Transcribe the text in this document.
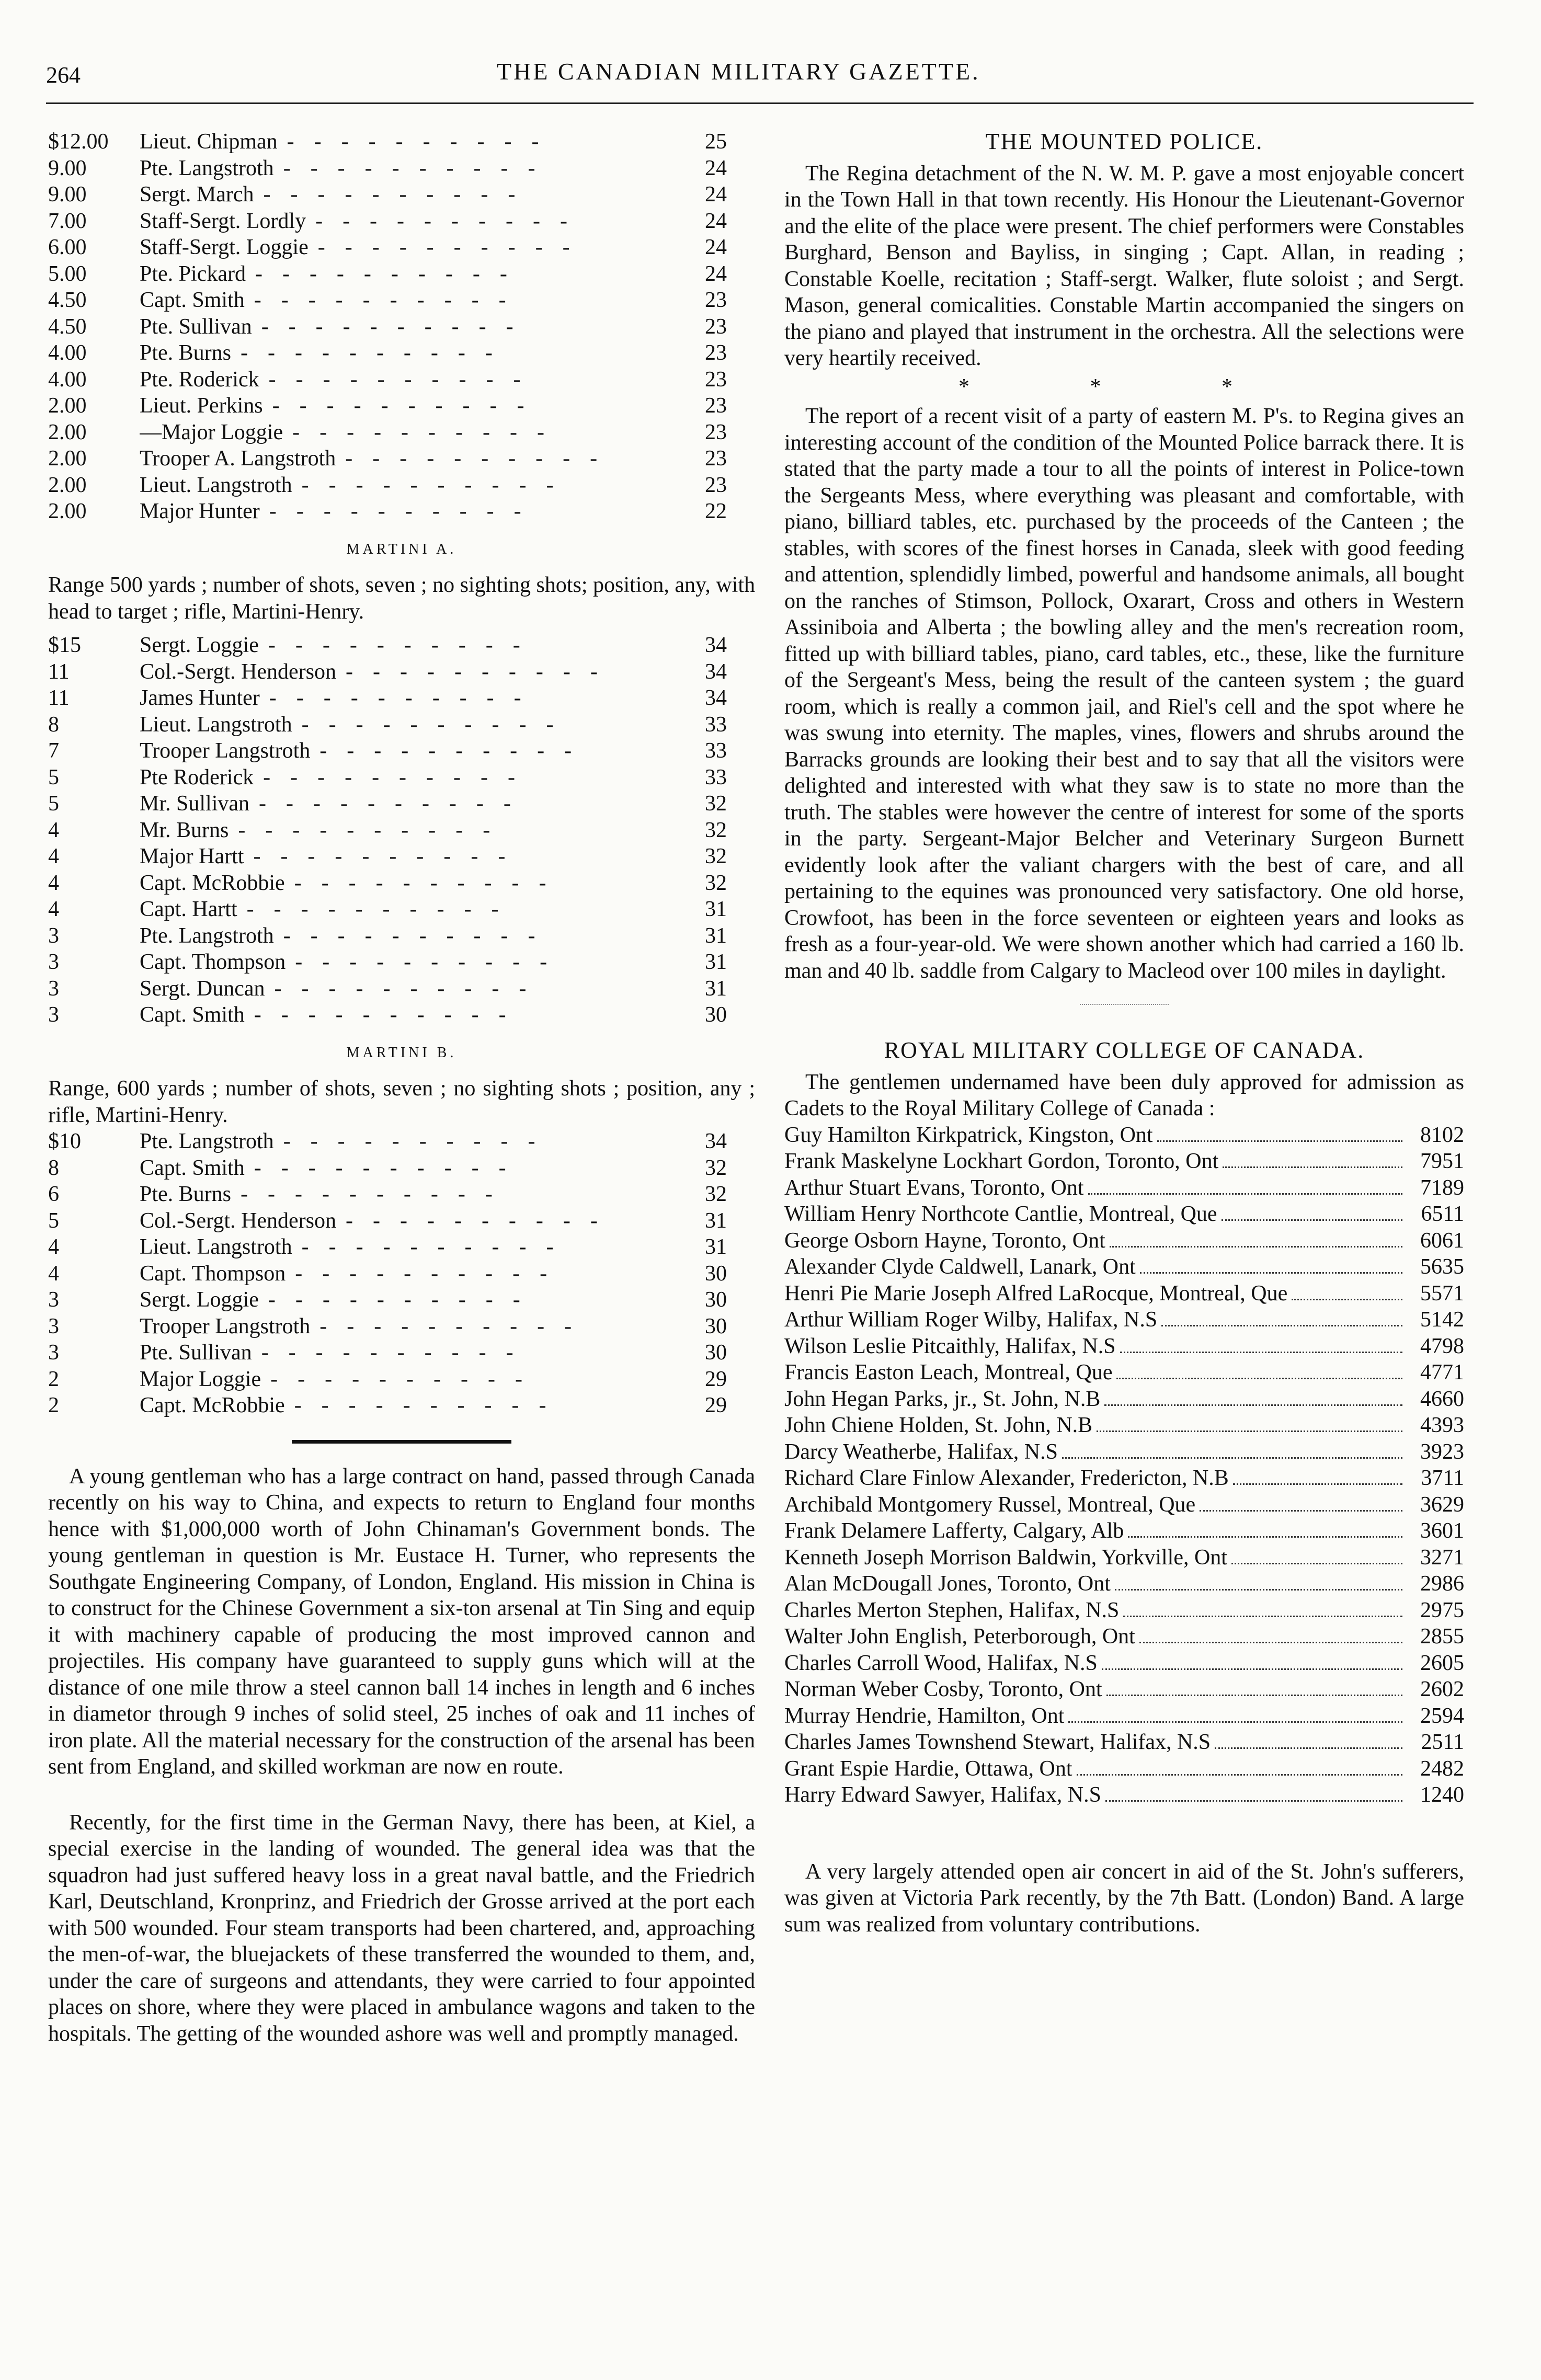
264	THE CANADIAN MILITARY GAZETTE.
$12.00	Lieut. Chipman ----------	25
9.00	Pte. Langstroth ----------	24
9.00	Sergt. March ----------	24
7.00	Staff-Sergt. Lordly ----------	24
6.00	Staff-Sergt. Loggie ----------	24
5.00	Pte. Pickard ----------	24
4.50	Capt. Smith ----------	23
4.50	Pte. Sullivan ----------	23
4.00	Pte. Burns ----------	23
4.00	Pte. Roderick ----------	23
2.00	Lieut. Perkins ----------	23
2.00	—Major Loggie ----------	23
2.00	Trooper A. Langstroth ----------	23
2.00	Lieut. Langstroth ----------	23
2.00	Major Hunter ----------	22
MARTINI A.
Range 500 yards ; number of shots, seven ; no sighting shots; position, any, with head to target ; rifle, Martini-Henry.
$15	Sergt. Loggie ----------	34
11	Col.-Sergt. Henderson ----------	34
11	James Hunter ----------	34
8	Lieut. Langstroth ----------	33
7	Trooper Langstroth ----------	33
5	Pte Roderick ----------	33
5	Mr. Sullivan ----------	32
4	Mr. Burns ----------	32
4	Major Hartt ----------	32
4	Capt. McRobbie ----------	32
4	Capt. Hartt ----------	31
3	Pte. Langstroth ----------	31
3	Capt. Thompson ----------	31
3	Sergt. Duncan ----------	31
3	Capt. Smith ----------	30
MARTINI B.
Range, 600 yards ; number of shots, seven ; no sighting shots ; position, any ; rifle, Martini-Henry.
$10	Pte. Langstroth ----------	34
8	Capt. Smith ----------	32
6	Pte. Burns ----------	32
5	Col.-Sergt. Henderson ----------	31
4	Lieut. Langstroth ----------	31
4	Capt. Thompson ----------	30
3	Sergt. Loggie ----------	30
3	Trooper Langstroth ----------	30
3	Pte. Sullivan ----------	30
2	Major Loggie ----------	29
2	Capt. McRobbie ----------	29
A young gentleman who has a large contract on hand, passed through Canada recently on his way to China, and expects to return to England four months hence with $1,000,000 worth of John Chinaman's Government bonds. The young gentleman in question is Mr. Eustace H. Turner, who represents the Southgate Engineering Company, of London, England. His mission in China is to construct for the Chinese Government a six-ton arsenal at Tin Sing and equip it with machinery capable of producing the most improved cannon and projectiles. His company have guaranteed to supply guns which will at the distance of one mile throw a steel cannon ball 14 inches in length and 6 inches in diametor through 9 inches of solid steel, 25 inches of oak and 11 inches of iron plate. All the material necessary for the construction of the arsenal has been sent from England, and skilled workman are now en route.
Recently, for the first time in the German Navy, there has been, at Kiel, a special exercise in the landing of wounded. The general idea was that the squadron had just suffered heavy loss in a great naval battle, and the Friedrich Karl, Deutschland, Kronprinz, and Friedrich der Grosse arrived at the port each with 500 wounded. Four steam transports had been chartered, and, approaching the men-of-war, the bluejackets of these transferred the wounded to them, and, under the care of surgeons and attendants, they were carried to four appointed places on shore, where they were placed in ambulance wagons and taken to the hospitals. The getting of the wounded ashore was well and promptly managed.
THE MOUNTED POLICE.
The Regina detachment of the N. W. M. P. gave a most enjoyable concert in the Town Hall in that town recently. His Honour the Lieutenant-Governor and the elite of the place were present. The chief performers were Constables Burghard, Benson and Bayliss, in singing ; Capt. Allan, in reading ; Constable Koelle, recitation ; Staff-sergt. Walker, flute soloist ; and Sergt. Mason, general comicalities. Constable Martin accompanied the singers on the piano and played that instrument in the orchestra. All the selections were very heartily received.
* * *
The report of a recent visit of a party of eastern M. P's. to Regina gives an interesting account of the condition of the Mounted Police barrack there. It is stated that the party made a tour to all the points of interest in Police-town the Sergeants Mess, where everything was pleasant and comfortable, with piano, billiard tables, etc. purchased by the proceeds of the Canteen ; the stables, with scores of the finest horses in Canada, sleek with good feeding and attention, splendidly limbed, powerful and handsome animals, all bought on the ranches of Stimson, Pollock, Oxarart, Cross and others in Western Assiniboia and Alberta ; the bowling alley and the men's recreation room, fitted up with billiard tables, piano, card tables, etc., these, like the furniture of the Sergeant's Mess, being the result of the canteen system ; the guard room, which is really a common jail, and Riel's cell and the spot where he was swung into eternity. The maples, vines, flowers and shrubs around the Barracks grounds are looking their best and to say that all the visitors were delighted and interested with what they saw is to state no more than the truth. The stables were however the centre of interest for some of the sports in the party. Sergeant-Major Belcher and Veterinary Surgeon Burnett evidently look after the valiant chargers with the best of care, and all pertaining to the equines was pronounced very satisfactory. One old horse, Crowfoot, has been in the force seventeen or eighteen years and looks as fresh as a four-year-old. We were shown another which had carried a 160 lb. man and 40 lb. saddle from Calgary to Macleod over 100 miles in daylight.
ROYAL MILITARY COLLEGE OF CANADA.
The gentlemen undernamed have been duly approved for admission as Cadets to the Royal Military College of Canada :
Guy Hamilton Kirkpatrick, Kingston, Ont	8102
Frank Maskelyne Lockhart Gordon, Toronto, Ont	7951
Arthur Stuart Evans, Toronto, Ont	7189
William Henry Northcote Cantlie, Montreal, Que	6511
George Osborn Hayne, Toronto, Ont	6061
Alexander Clyde Caldwell, Lanark, Ont	5635
Henri Pie Marie Joseph Alfred LaRocque, Montreal, Que	5571
Arthur William Roger Wilby, Halifax, N.S	5142
Wilson Leslie Pitcaithly, Halifax, N.S	4798
Francis Easton Leach, Montreal, Que	4771
John Hegan Parks, jr., St. John, N.B	4660
John Chiene Holden, St. John, N.B	4393
Darcy Weatherbe, Halifax, N.S	3923
Richard Clare Finlow Alexander, Fredericton, N.B	3711
Archibald Montgomery Russel, Montreal, Que	3629
Frank Delamere Lafferty, Calgary, Alb	3601
Kenneth Joseph Morrison Baldwin, Yorkville, Ont	3271
Alan McDougall Jones, Toronto, Ont	2986
Charles Merton Stephen, Halifax, N.S	2975
Walter John English, Peterborough, Ont	2855
Charles Carroll Wood, Halifax, N.S	2605
Norman Weber Cosby, Toronto, Ont	2602
Murray Hendrie, Hamilton, Ont	2594
Charles James Townshend Stewart, Halifax, N.S	2511
Grant Espie Hardie, Ottawa, Ont	2482
Harry Edward Sawyer, Halifax, N.S	1240
A very largely attended open air concert in aid of the St. John's sufferers, was given at Victoria Park recently, by the 7th Batt. (London) Band. A large sum was realized from voluntary contributions.
